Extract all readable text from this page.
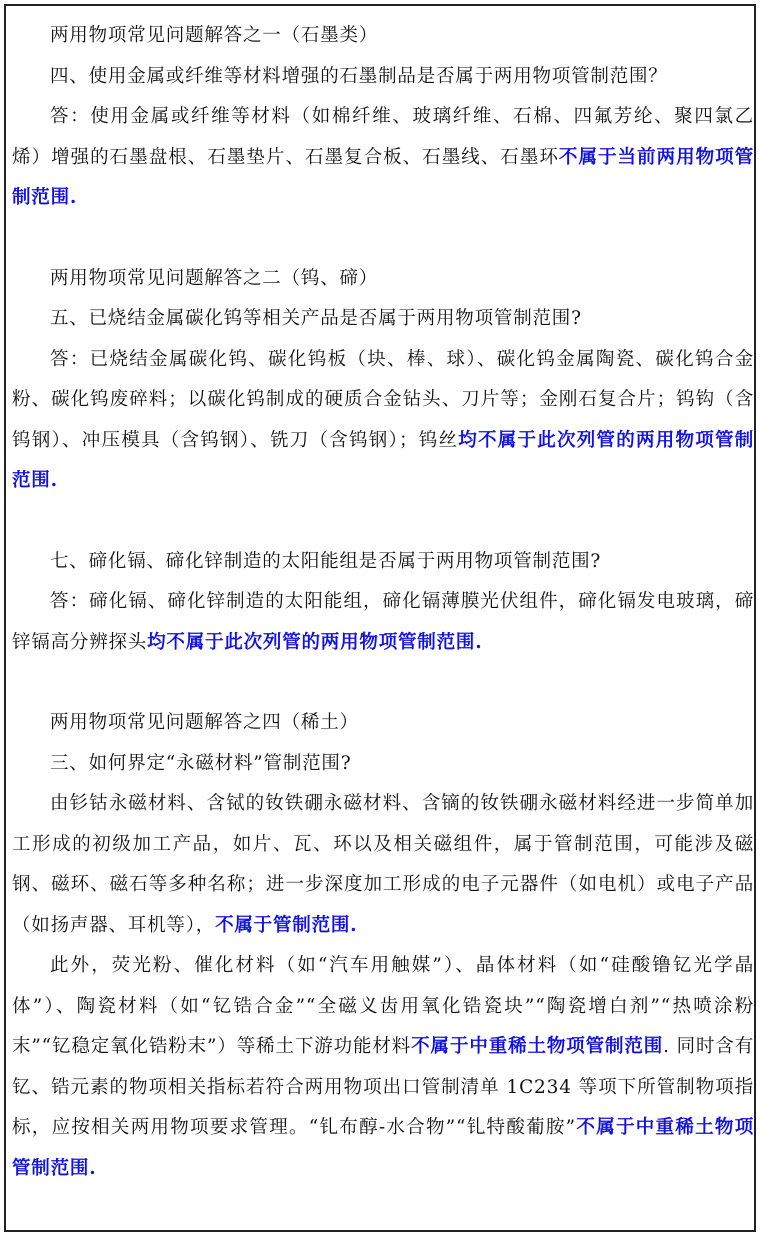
两用物项常见问题解答之一（石墨类）

四、使用金属或纤维等材料增强的石墨制品是否属于两用物项管制范围？

答：使用金属或纤维等材料（如棉纤维、玻璃纤维、石棉、四氟芳纶、聚四氯乙烯）增强的石墨盘根、石墨垫片、石墨复合板、石墨线、石墨环不属于当前两用物项管制范围.

两用物项常见问题解答之二（钨、碲）

五、已烧结金属碳化钨等相关产品是否属于两用物项管制范围?

答：已烧结金属碳化钨、碳化钨板（块、棒、球）、碳化钨金属陶瓷、碳化钨合金粉、碳化钨废碎料；以碳化钨制成的硬质合金钻头、刀片等；金刚石复合片；钨钩（含钨钢）、冲压模具（含钨钢）、铣刀（含钨钢）；钨丝均不属于此次列管的两用物项管制范围.

七、碲化镉、碲化锌制造的太阳能组是否属于两用物项管制范围?

答：碲化镉、碲化锌制造的太阳能组，碲化镉薄膜光伏组件，碲化镉发电玻璃，碲锌镉高分辨探头均不属于此次列管的两用物项管制范围.

两用物项常见问题解答之四（稀土）

三、如何界定“永磁材料”管制范围?

由钐钴永磁材料、含铽的钕铁硼永磁材料、含镝的钕铁硼永磁材料经进一步简单加工形成的初级加工产品，如片、瓦、环以及相关磁组件，属于管制范围，可能涉及磁钢、磁环、磁石等多种名称；进一步深度加工形成的电子元器件（如电机）或电子产品（如扬声器、耳机等），不属于管制范围.

此外，荧光粉、催化材料（如“汽车用触媒”）、晶体材料（如“硅酸镥钇光学晶体”）、陶瓷材料（如“钇锆合金”“全磁义齿用氧化锆瓷块”“陶瓷增白剂”“热喷涂粉末”“钇稳定氧化锆粉末”）等稀土下游功能材料不属于中重稀土物项管制范围. 同时含有钇、锆元素的物项相关指标若符合两用物项出口管制清单 1C234 等项下所管制物项指标，应按相关两用物项要求管理。“钆布醇-水合物”“钆特酸葡胺”不属于中重稀土物项管制范围.
